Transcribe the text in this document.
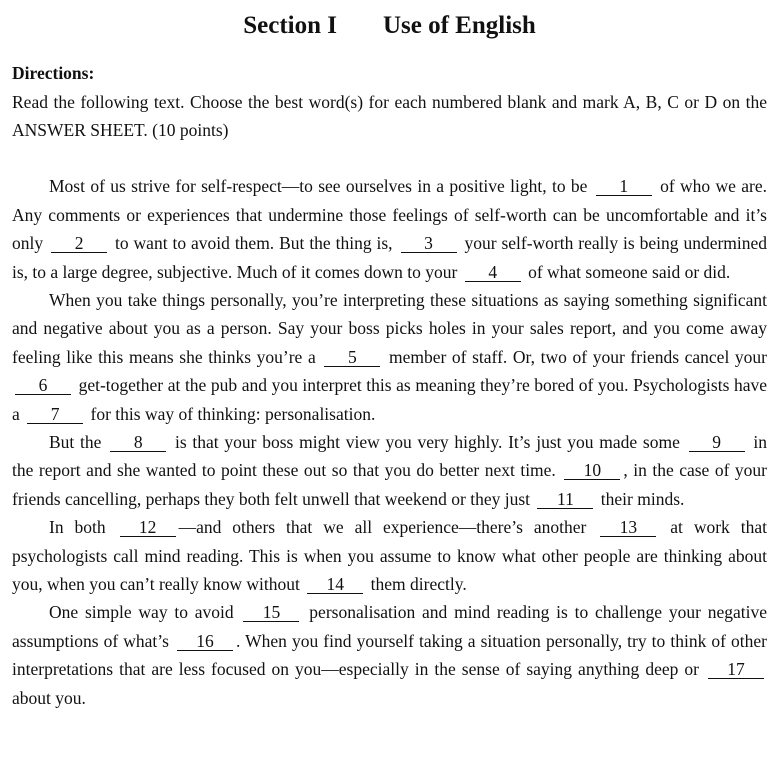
Section I Use of English
Directions:

Read the following text. Choose the best word(s) for each numbered blank and mark A, B, C or D on the ANSWER SHEET. (10 points)

Most of us strive for self-respect—to see ourselves in a positive light, to be 1 of who we are. Any comments or experiences that undermine those feelings of self-worth can be uncomfortable and it’s only 2 to want to avoid them. But the thing is, 3 your self-worth really is being undermined is, to a large degree, subjective. Much of it comes down to your 4 of what someone said or did.

When you take things personally, you’re interpreting these situations as saying something significant and negative about you as a person. Say your boss picks holes in your sales report, and you come away feeling like this means she thinks you’re a 5 member of staff. Or, two of your friends cancel your 6 get-together at the pub and you interpret this as meaning they’re bored of you. Psychologists have a 7 for this way of thinking: personalisation.

But the 8 is that your boss might view you very highly. It’s just you made some 9 in the report and she wanted to point these out so that you do better next time. 10 , in the case of your friends cancelling, perhaps they both felt unwell that weekend or they just 11 their minds.

In both 12 —and others that we all experience—there’s another 13 at work that psychologists call mind reading. This is when you assume to know what other people are thinking about you, when you can’t really know without 14 them directly.

One simple way to avoid 15 personalisation and mind reading is to challenge your negative assumptions of what’s 16 . When you find yourself taking a situation personally, try to think of other interpretations that are less focused on you—especially in the sense of saying anything deep or 17 about you.
